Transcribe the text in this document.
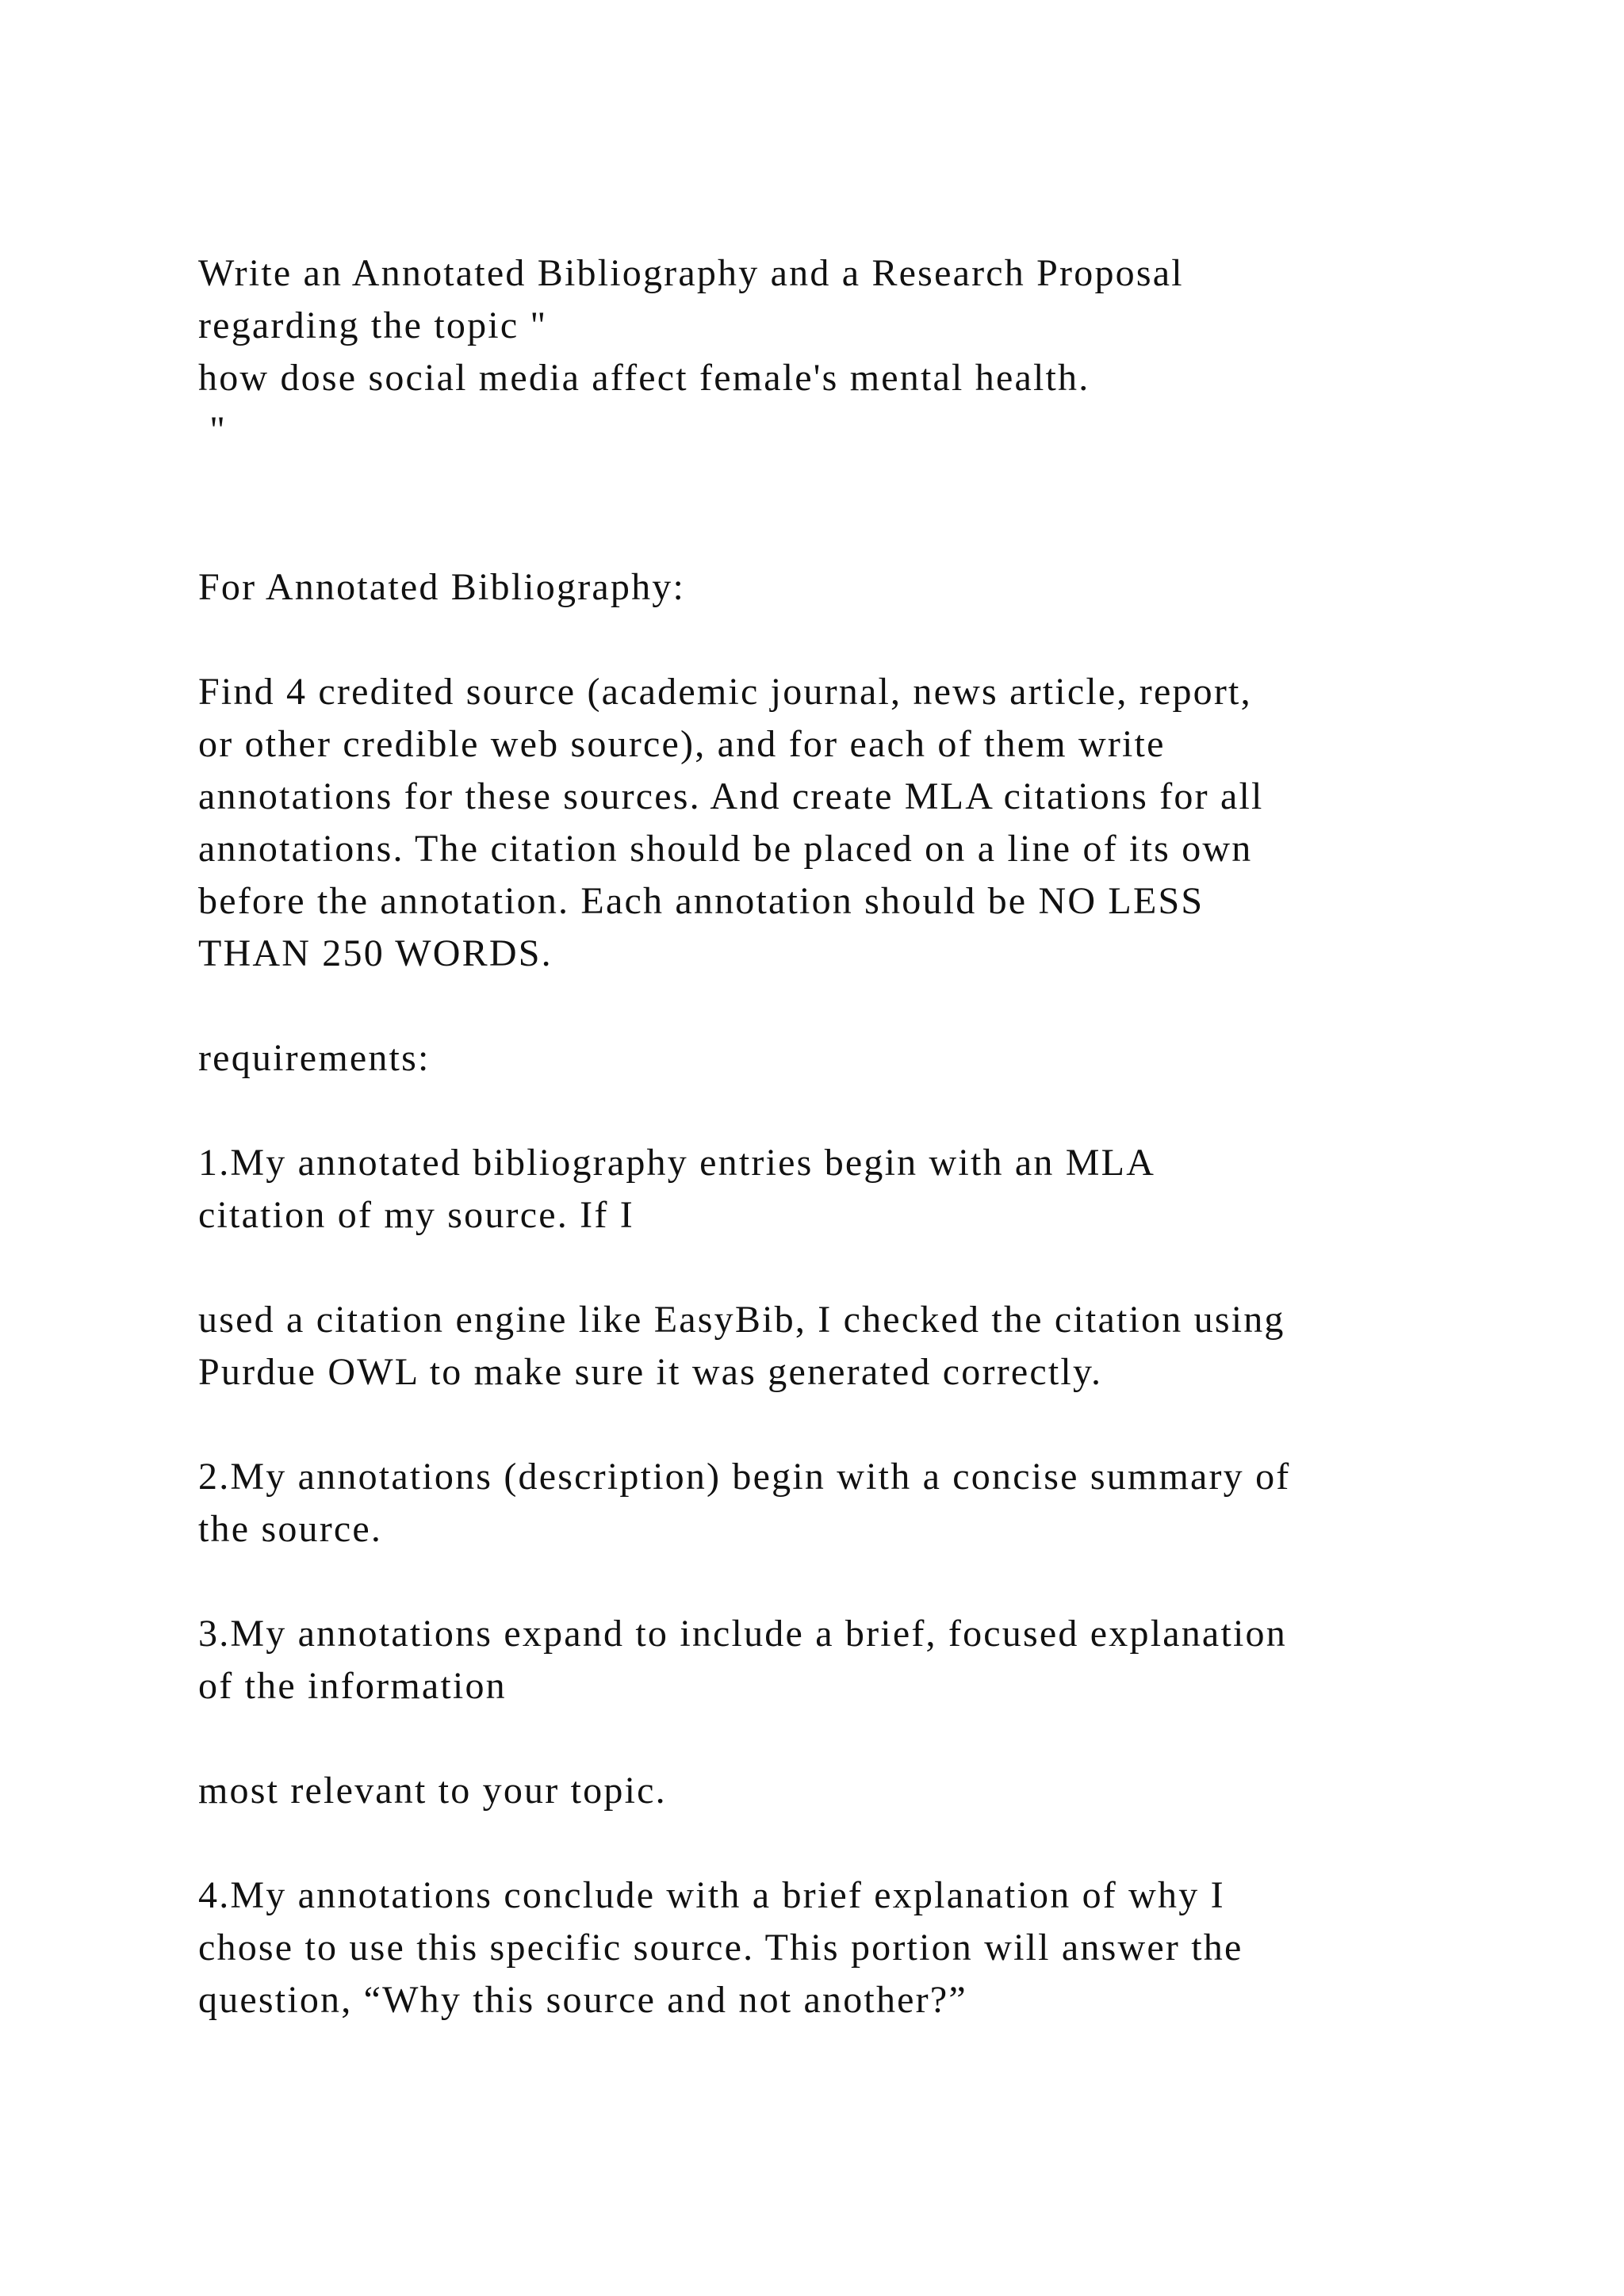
Write an Annotated Bibliography and a Research Proposal
regarding the topic "
how dose social media affect female's mental health.
"
For Annotated Bibliography:
Find 4 credited source (academic journal, news article, report,
or other credible web source), and for each of them write
annotations for these sources. And create MLA citations for all
annotations. The citation should be placed on a line of its own
before the annotation. Each annotation should be NO LESS
THAN 250 WORDS.
requirements:
1.My annotated bibliography entries begin with an MLA
citation of my source. If I
used a citation engine like EasyBib, I checked the citation using
Purdue OWL to make sure it was generated correctly.
2.My annotations (description) begin with a concise summary of
the source.
3.My annotations expand to include a brief, focused explanation
of the information
most relevant to your topic.
4.My annotations conclude with a brief explanation of why I
chose to use this specific source. This portion will answer the
question, “Why this source and not another?”
